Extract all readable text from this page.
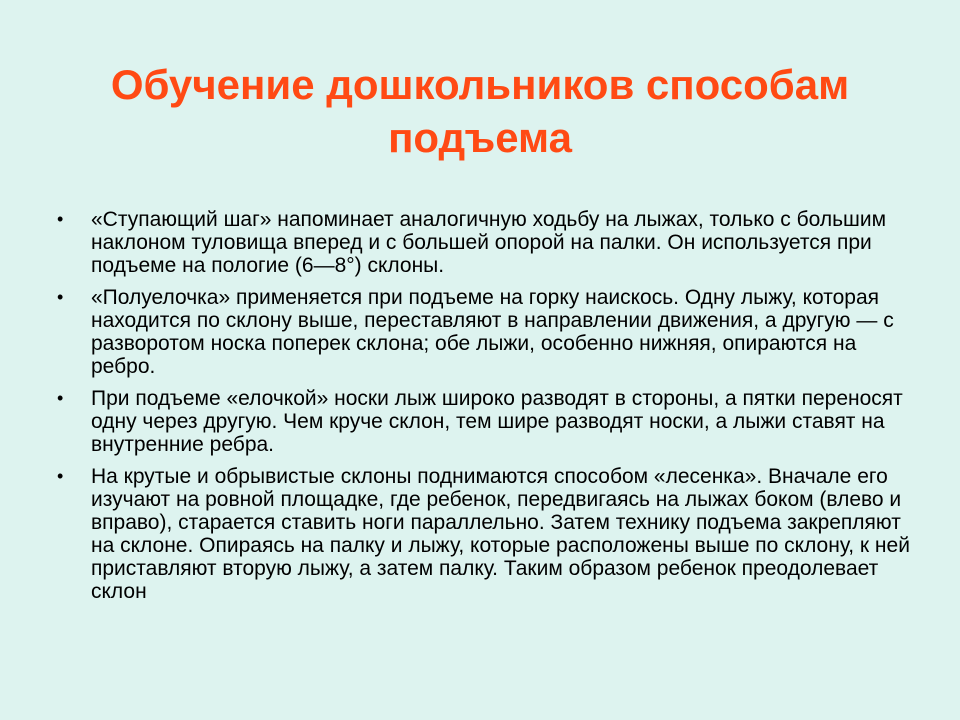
Обучение дошкольников способам подъема
• «Ступающий шаг» напоминает аналогичную ходьбу на лыжах, только с большим наклоном туловища вперед и с большей опорой на палки. Он используется при подъеме на пологие (6—8°) склоны.
• «Полуелочка» применяется при подъеме на горку наискось. Одну лыжу, которая находится по склону выше, переставляют в направлении движения, а другую — с разворотом носка поперек склона; обе лыжи, особенно нижняя, опираются на ребро.
• При подъеме «елочкой» носки лыж широко разводят в стороны, а пятки переносят одну через другую. Чем круче склон, тем шире разводят носки, а лыжи ставят на внутренние ребра.
• На крутые и обрывистые склоны поднимаются способом «лесенка». Вначале его изучают на ровной площадке, где ребенок, передвигаясь на лыжах боком (влево и вправо), старается ставить ноги параллельно. Затем технику подъема закрепляют на склоне. Опираясь на палку и лыжу, которые расположены выше по склону, к ней приставляют вторую лыжу, а затем палку. Таким образом ребенок преодолевает склон
